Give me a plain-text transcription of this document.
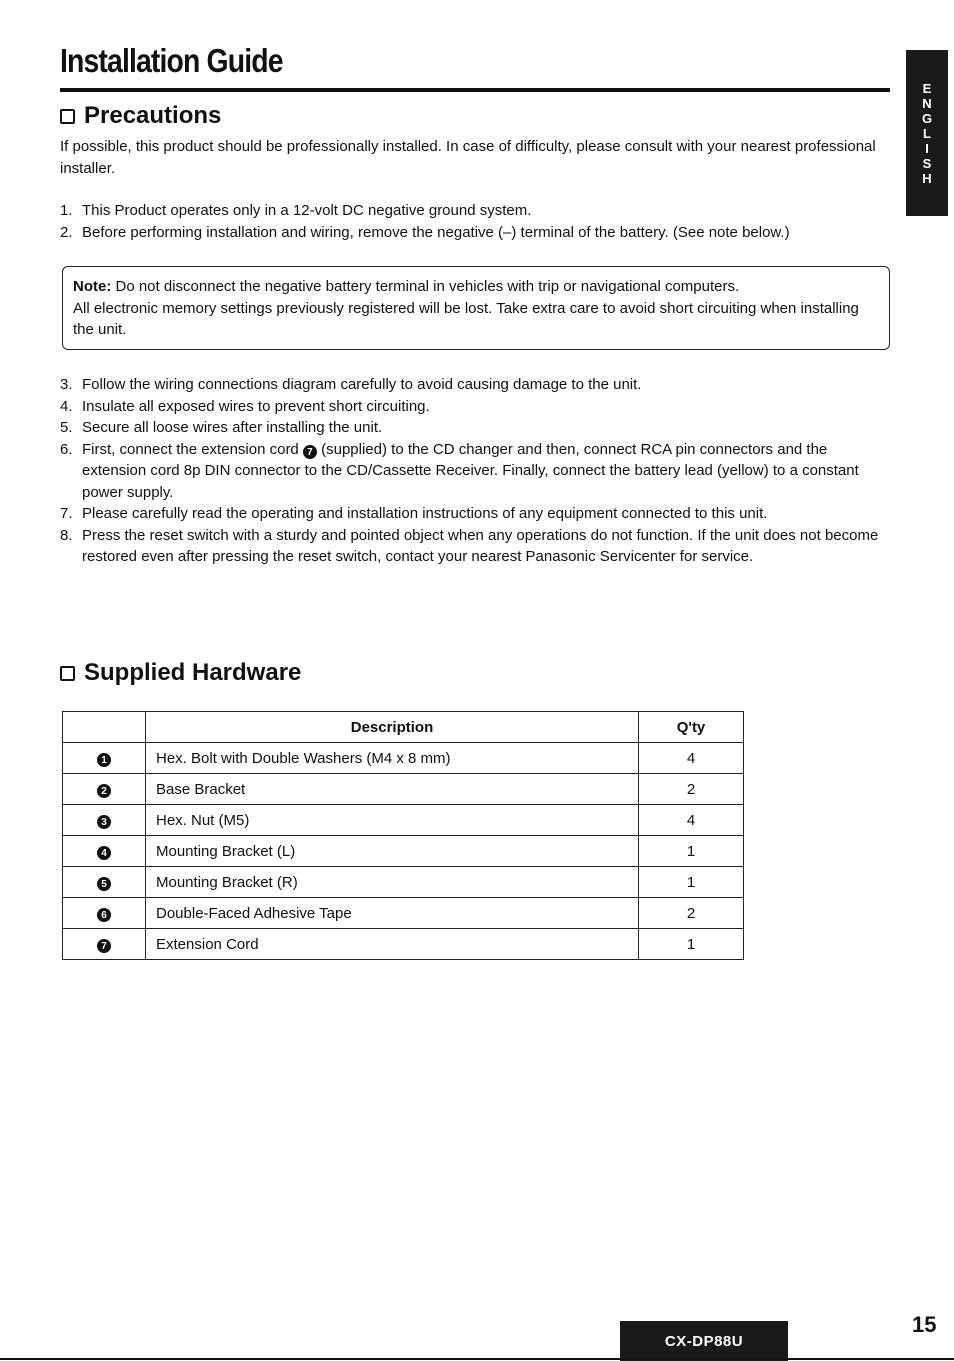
Installation Guide
E
N
G
L
I
S
H
Precautions

If possible, this product should be professionally installed. In case of difficulty, please consult with your nearest professional installer.

1. This Product operates only in a 12-volt DC negative ground system.
2. Before performing installation and wiring, remove the negative (–) terminal of the battery. (See note below.)
Note: Do not disconnect the negative battery terminal in vehicles with trip or navigational computers.
All electronic memory settings previously registered will be lost. Take extra care to avoid short circuiting when installing the unit.
3. Follow the wiring connections diagram carefully to avoid causing damage to the unit.
4. Insulate all exposed wires to prevent short circuiting.
5. Secure all loose wires after installing the unit.
6. First, connect the extension cord 7 (supplied) to the CD changer and then, connect RCA pin connectors and the extension cord 8p DIN connector to the CD/Cassette Receiver. Finally, connect the battery lead (yellow) to a constant power supply.
7. Please carefully read the operating and installation instructions of any equipment connected to this unit.
8. Press the reset switch with a sturdy and pointed object when any operations do not function. If the unit does not become restored even after pressing the reset switch, contact your nearest Panasonic Servicenter for service.
Supplied Hardware
	Description	Q'ty
1	Hex. Bolt with Double Washers (M4 x 8 mm)	4
2	Base Bracket	2
3	Hex. Nut (M5)	4
4	Mounting Bracket (L)	1
5	Mounting Bracket (R)	1
6	Double-Faced Adhesive Tape	2
7	Extension Cord	1
CX-DP88U
15
